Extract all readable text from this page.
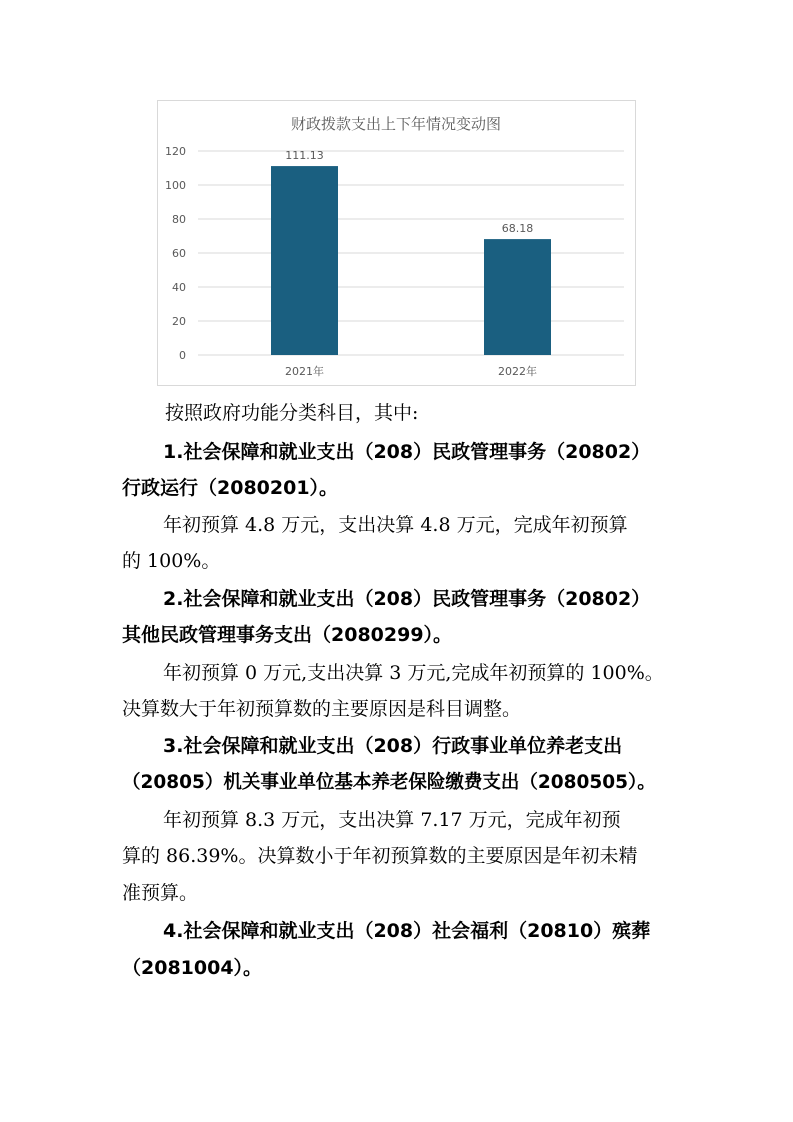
财政拨款支出上下年情况变动图
0
20
40
60
80
100
120	111.13
2021年
68.18
2022年

按照政府功能分类科目，其中:

1.社会保障和就业支出（208）民政管理事务（20802）

行政运行（2080201）。

年初预算 4.8 万元，支出决算 4.8 万元，完成年初预算

的 100%。

2.社会保障和就业支出（208）民政管理事务（20802）

其他民政管理事务支出（2080299）。

年初预算 0 万元,支出决算 3 万元,完成年初预算的 100%。

决算数大于年初预算数的主要原因是科目调整。

3.社会保障和就业支出（208）行政事业单位养老支出

（20805）机关事业单位基本养老保险缴费支出（2080505）。

年初预算 8.3 万元，支出决算 7.17 万元，完成年初预

算的 86.39%。决算数小于年初预算数的主要原因是年初未精

准预算。

4.社会保障和就业支出（208）社会福利（20810）殡葬

（2081004）。
